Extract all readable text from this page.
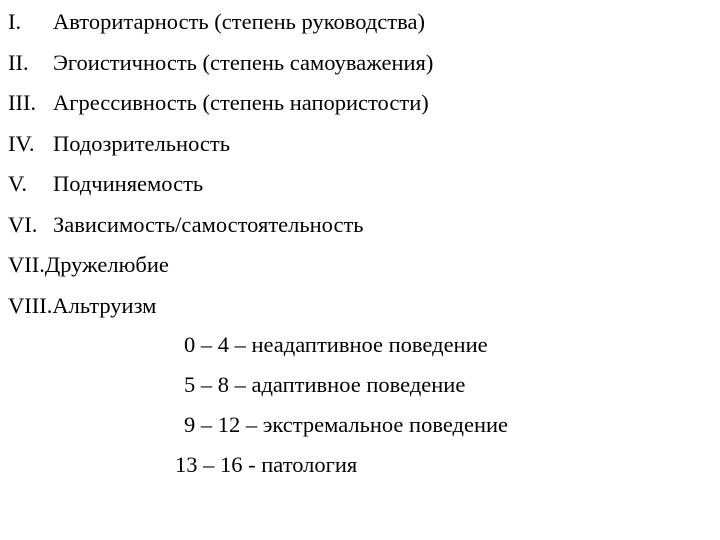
I. Авторитарность (степень руководства)
II. Эгоистичность (степень самоуважения)
III. Агрессивность (степень напористости)
IV. Подозрительность
V. Подчиняемость
VI. Зависимость/самостоятельность
VII.Дружелюбие
VIII.Альтруизм
0 – 4 – неадаптивное поведение
5 – 8 – адаптивное поведение
9 – 12 – экстремальное поведение
13 – 16 - патология
